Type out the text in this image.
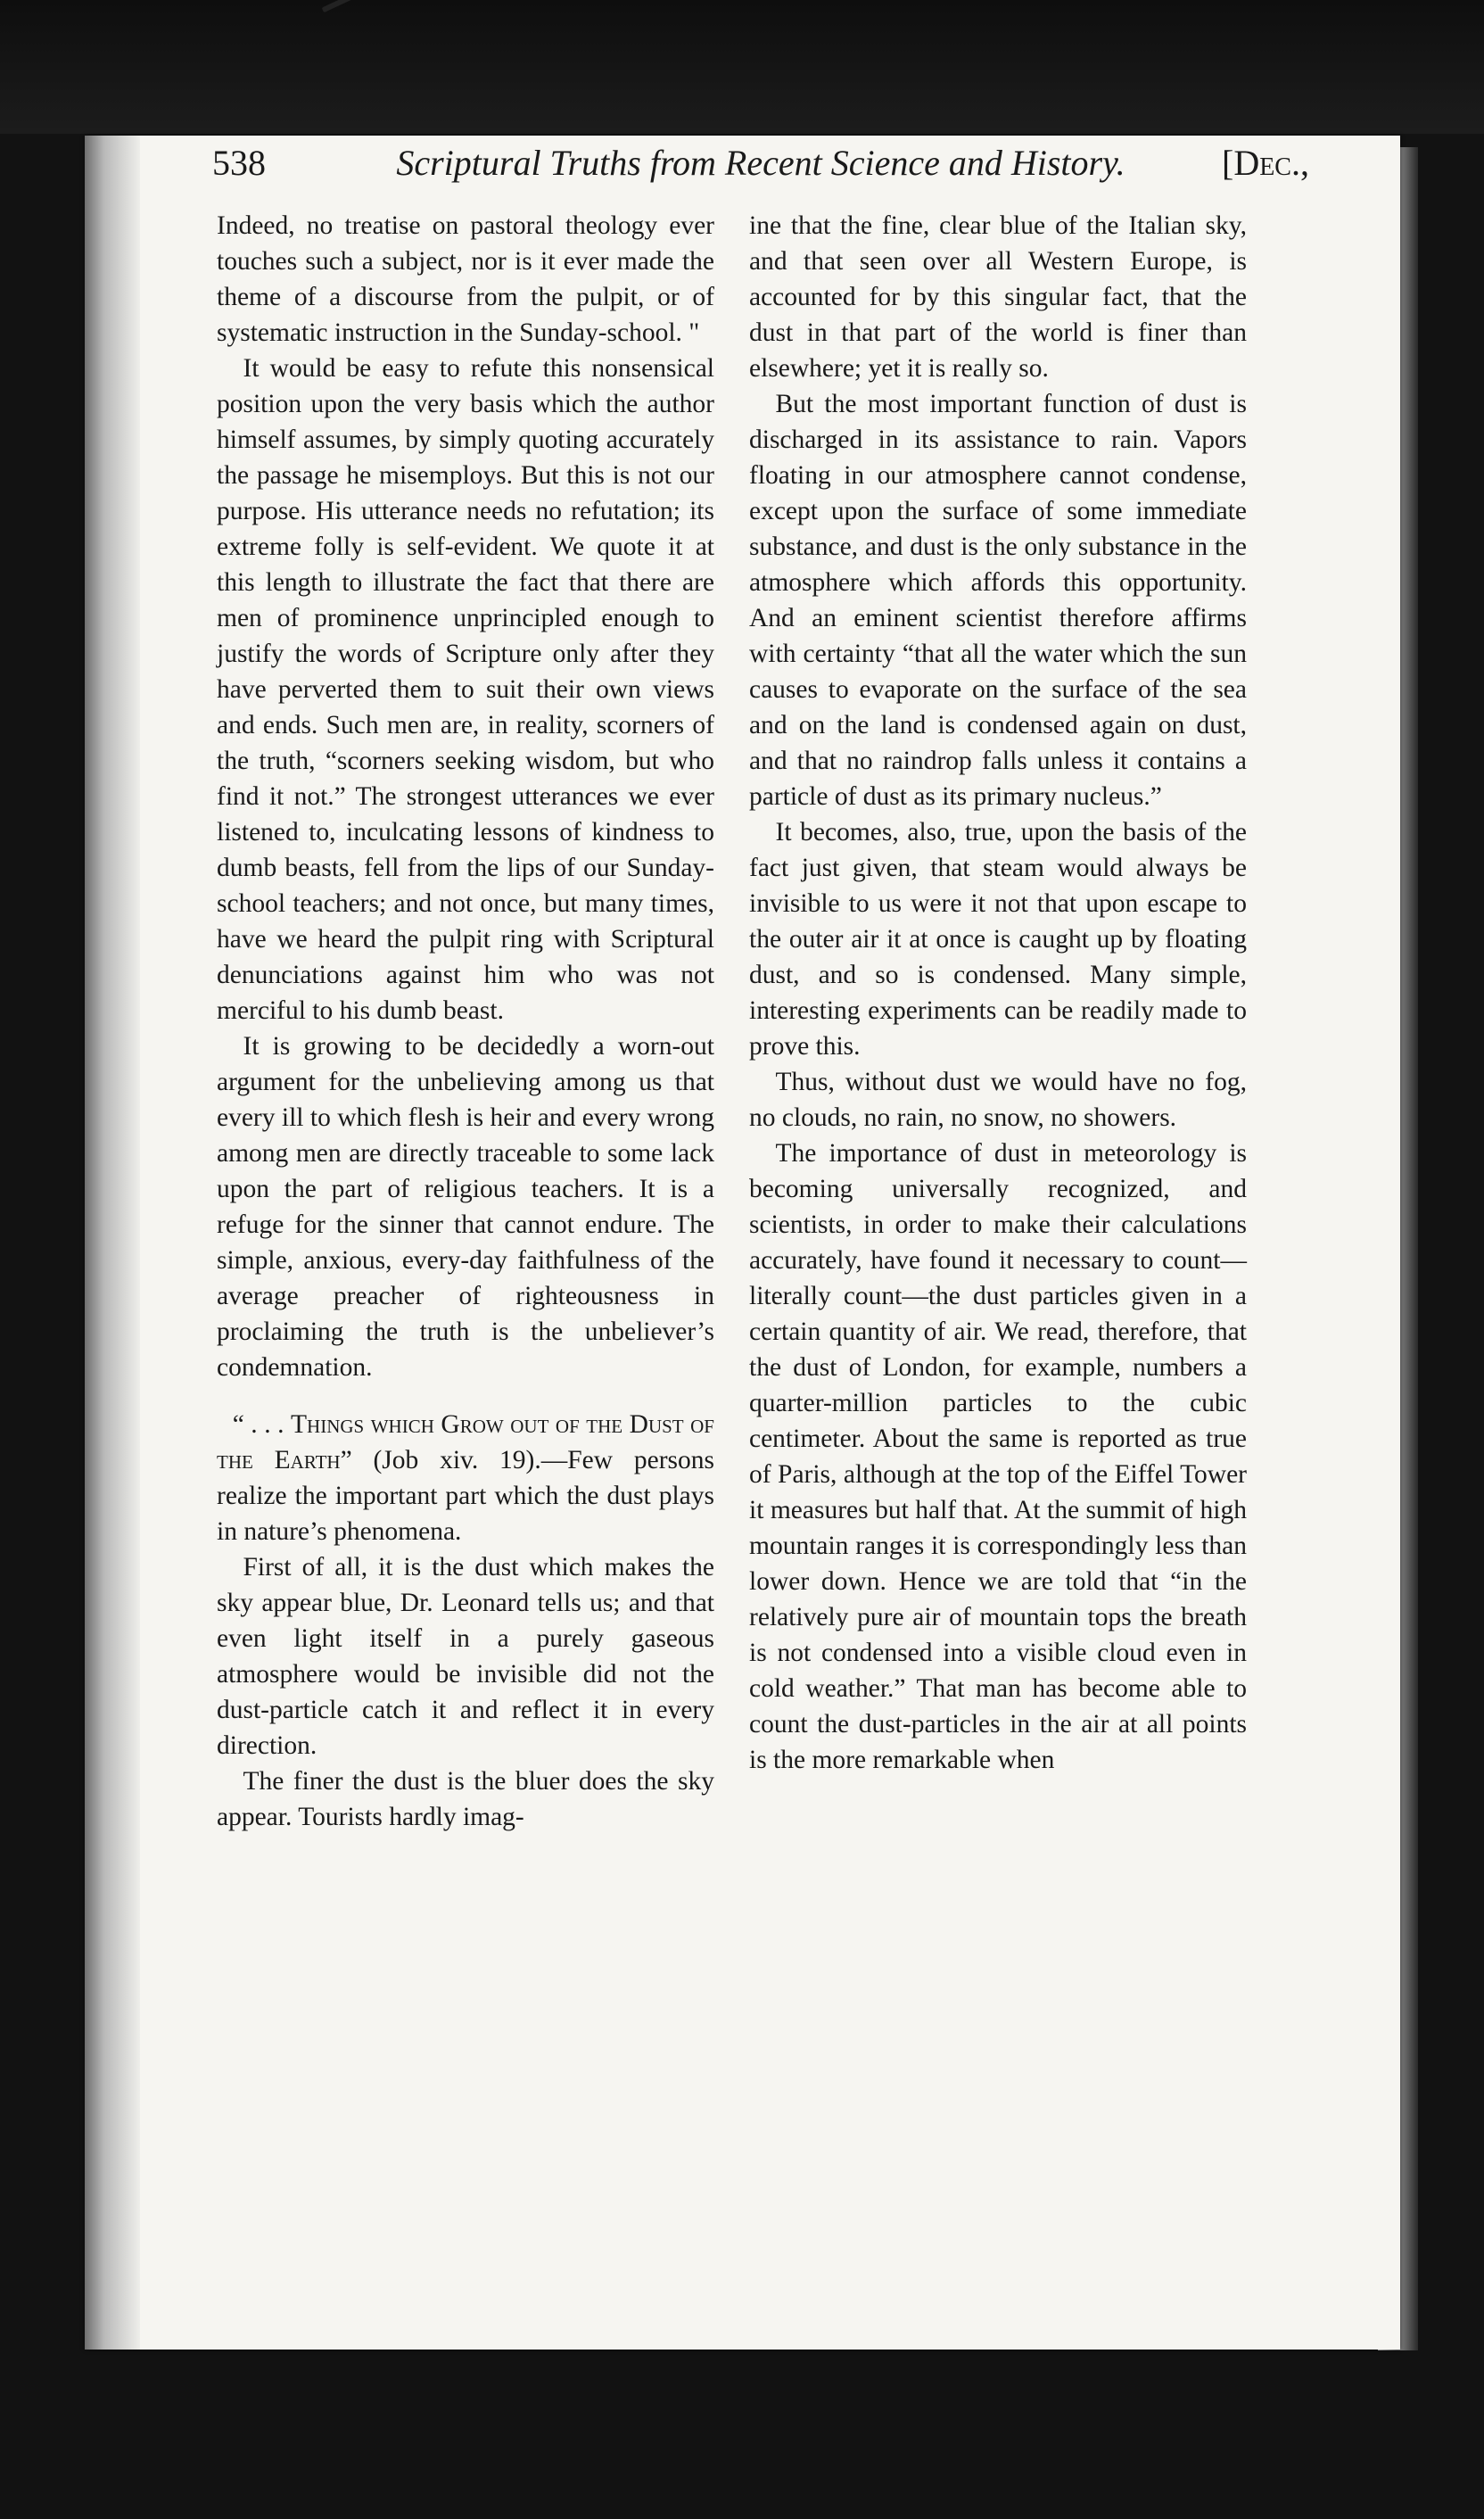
538	Scriptural Truths from Recent Science and History.	[Dec.,

Indeed, no treatise on pastoral theology ever touches such a subject, nor is it ever made the theme of a discourse from the pulpit, or of systematic instruction in the Sunday-school. "

It would be easy to refute this nonsensical position upon the very basis which the author himself assumes, by simply quoting accurately the passage he misemploys. But this is not our purpose. His utterance needs no refutation; its extreme folly is self-evident. We quote it at this length to illustrate the fact that there are men of prominence unprincipled enough to justify the words of Scripture only after they have perverted them to suit their own views and ends. Such men are, in reality, scorners of the truth, “scorners seeking wisdom, but who find it not.” The strongest utterances we ever listened to, inculcating lessons of kindness to dumb beasts, fell from the lips of our Sunday-school teachers; and not once, but many times, have we heard the pulpit ring with Scriptural denunciations against him who was not merciful to his dumb beast.

It is growing to be decidedly a worn-out argument for the unbelieving among us that every ill to which flesh is heir and every wrong among men are directly traceable to some lack upon the part of religious teachers. It is a refuge for the sinner that cannot endure. The simple, anxious, every-day faithfulness of the average preacher of righteousness in proclaiming the truth is the unbeliever’s condemnation.

“ . . . Things which Grow out of the Dust of the Earth” (Job xiv. 19).—Few persons realize the important part which the dust plays in nature’s phenomena.

First of all, it is the dust which makes the sky appear blue, Dr. Leonard tells us; and that even light itself in a purely gaseous atmosphere would be invisible did not the dust-particle catch it and reflect it in every direction.

The finer the dust is the bluer does the sky appear. Tourists hardly imag-

ine that the fine, clear blue of the Italian sky, and that seen over all Western Europe, is accounted for by this singular fact, that the dust in that part of the world is finer than elsewhere; yet it is really so.

But the most important function of dust is discharged in its assistance to rain. Vapors floating in our atmosphere cannot condense, except upon the surface of some immediate substance, and dust is the only substance in the atmosphere which affords this opportunity. And an eminent scientist therefore affirms with certainty “that all the water which the sun causes to evaporate on the surface of the sea and on the land is condensed again on dust, and that no raindrop falls unless it contains a particle of dust as its primary nucleus.”

It becomes, also, true, upon the basis of the fact just given, that steam would always be invisible to us were it not that upon escape to the outer air it at once is caught up by floating dust, and so is condensed. Many simple, interesting experiments can be readily made to prove this.

Thus, without dust we would have no fog, no clouds, no rain, no snow, no showers.

The importance of dust in meteorology is becoming universally recognized, and scientists, in order to make their calculations accurately, have found it necessary to count—literally count—the dust particles given in a certain quantity of air. We read, therefore, that the dust of London, for example, numbers a quarter-million particles to the cubic centimeter. About the same is reported as true of Paris, although at the top of the Eiffel Tower it measures but half that. At the summit of high mountain ranges it is correspondingly less than lower down. Hence we are told that “in the relatively pure air of mountain tops the breath is not condensed into a visible cloud even in cold weather.” That man has become able to count the dust-particles in the air at all points is the more remarkable when
